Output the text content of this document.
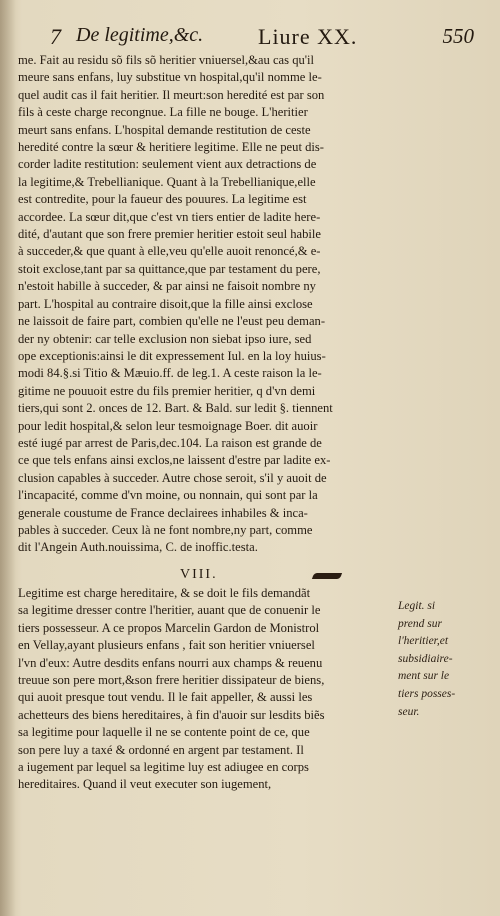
7 De legitime,&c. Liure XX.	550
me. Fait au residu sõ fils sõ heritier vniuersel,&au cas qu'il
meure sans enfans, luy substitue vn hospital,qu'il nomme le-
quel audit cas il fait heritier. Il meurt:son heredité est par son
fils à ceste charge recongnue. La fille ne bouge. L'heritier
meurt sans enfans. L'hospital demande restitution de ceste
heredité contre la sœur & heritiere legitime. Elle ne peut dis-
corder ladite restitution: seulement vient aux detractions de
la legitime,& Trebellianique. Quant à la Trebellianique,elle
est contredite, pour la faueur des pouures. La legitime est
accordee. La sœur dit,que c'est vn tiers entier de ladite here-
dité, d'autant que son frere premier heritier estoit seul habile
à succeder,& que quant à elle,veu qu'elle auoit renoncé,& e-
stoit exclose,tant par sa quittance,que par testament du pere,
n'estoit habille à succeder, & par ainsi ne faisoit nombre ny
part. L'hospital au contraire disoit,que la fille ainsi exclose
ne laissoit de faire part, combien qu'elle ne l'eust peu deman-
der ny obtenir: car telle exclusion non siebat ipso iure, sed
ope exceptionis:ainsi le dit expressement Iul. en la loy huius-
modi 84.§.si Titio & Mæuio.ff. de leg.1. A ceste raison la le-
gitime ne pouuoit estre du fils premier heritier, q d'vn demi
tiers,qui sont 2. onces de 12. Bart. & Bald. sur ledit §. tiennent
pour ledit hospital,& selon leur tesmoignage Boer. dit auoir
esté iugé par arrest de Paris,dec.104. La raison est grande de
ce que tels enfans ainsi exclos,ne laissent d'estre par ladite ex-
clusion capables à succeder. Autre chose seroit, s'il y auoit de
l'incapacité, comme d'vn moine, ou nonnain, qui sont par la
generale coustume de France declairees inhabiles & inca-
pables à succeder. Ceux là ne font nombre,ny part, comme
dit l'Angein Auth.nouissima, C. de inoffic.testa.
VIII.
Legitime est charge hereditaire, & se doit le fils demandãt
sa legitime dresser contre l'heritier, auant que de conuenir le
tiers possesseur. A ce propos Marcelin Gardon de Monistrol
en Vellay,ayant plusieurs enfans , fait son heritier vniuersel
l'vn d'eux: Autre desdits enfans nourri aux champs & reuenu
treuue son pere mort,&son frere heritier dissipateur de biens,
qui auoit presque tout vendu. Il le fait appeller, & aussi les
achetteurs des biens hereditaires, à fin d'auoir sur lesdits biẽs
sa legitime pour laquelle il ne se contente point de ce, que
son pere luy a taxé & ordonné en argent par testament. Il
a iugement par lequel sa legitime luy est adiugee en corps
hereditaires. Quand il veut executer son iugement,
Legit. si
prend sur
l'heritier,et
subsidiaire-
ment sur le
tiers posses-
seur.
